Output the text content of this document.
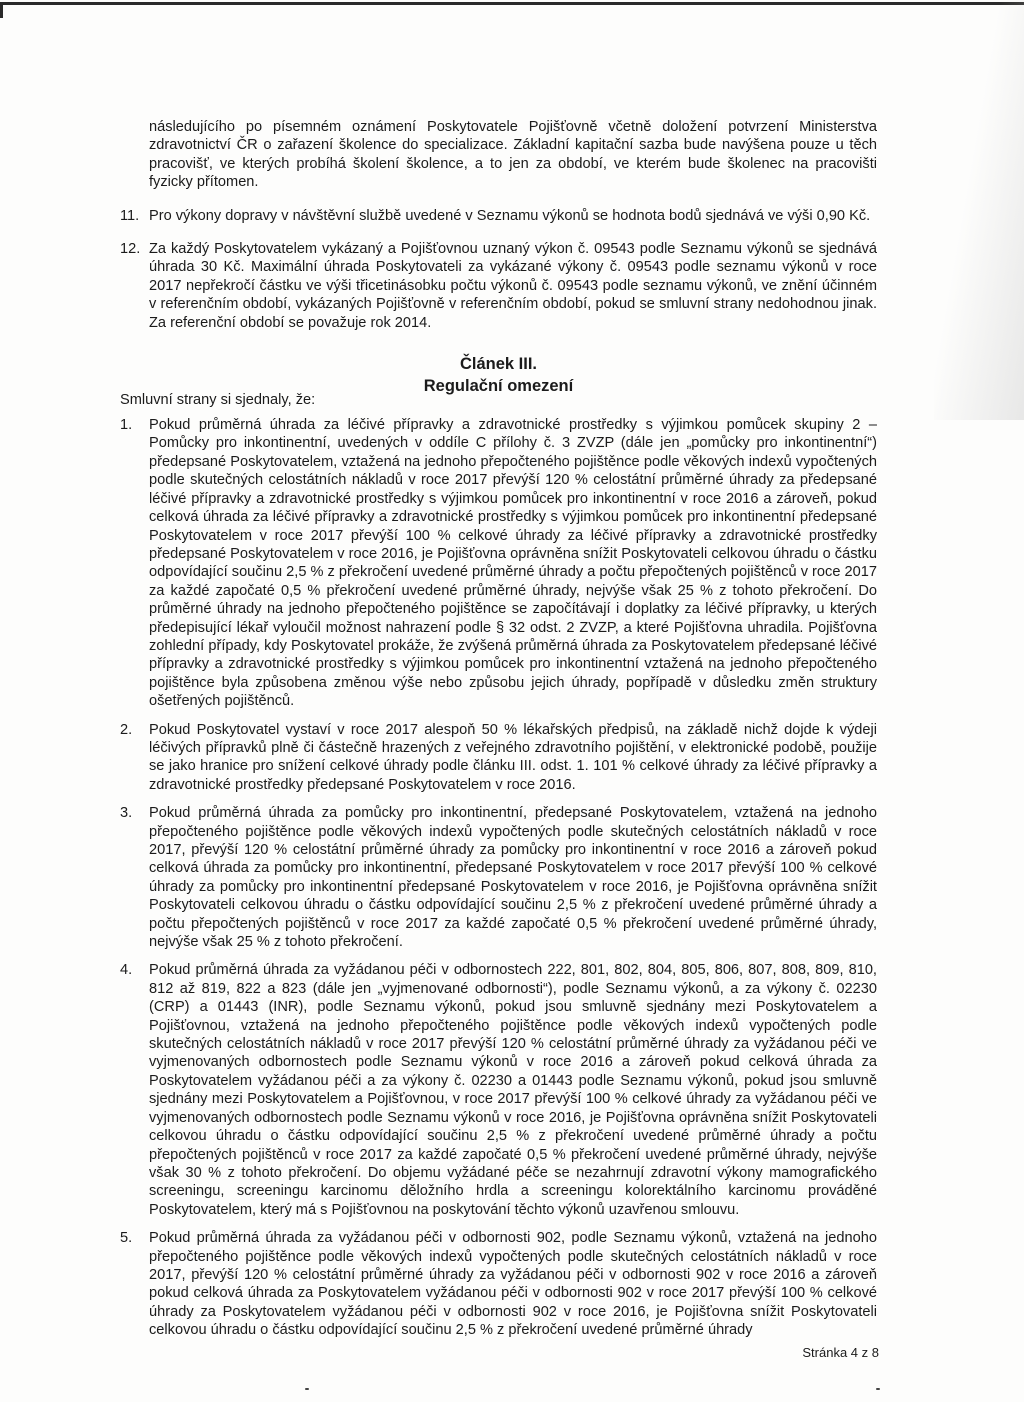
následujícího po písemném oznámení Poskytovatele Pojišťovně včetně doložení potvrzení Ministerstva zdravotnictví ČR o zařazení školence do specializace. Základní kapitační sazba bude navýšena pouze u těch pracovišť, ve kterých probíhá školení školence, a to jen za období, ve kterém bude školenec na pracovišti fyzicky přítomen.

11. Pro výkony dopravy v návštěvní službě uvedené v Seznamu výkonů se hodnota bodů sjednává ve výši 0,90 Kč.
12. Za každý Poskytovatelem vykázaný a Pojišťovnou uznaný výkon č. 09543 podle Seznamu výkonů se sjednává úhrada 30 Kč. Maximální úhrada Poskytovateli za vykázané výkony č. 09543 podle seznamu výkonů v roce 2017 nepřekročí částku ve výši třicetinásobku počtu výkonů č. 09543 podle seznamu výkonů, ve znění účinném v referenčním období, vykázaných Pojišťovně v referenčním období, pokud se smluvní strany nedohodnou jinak. Za referenční období se považuje rok 2014.
Článek III.
Regulační omezení
Smluvní strany si sjednaly, že:
1.	Pokud průměrná úhrada za léčivé přípravky a zdravotnické prostředky s výjimkou pomůcek skupiny 2 – Pomůcky pro inkontinentní, uvedených v oddíle C přílohy č. 3 ZVZP (dále jen „pomůcky pro inkontinentní“) předepsané Poskytovatelem, vztažená na jednoho přepočteného pojištěnce podle věkových indexů vypočtených podle skutečných celostátních nákladů v roce 2017 převýší 120 % celostátní průměrné úhrady za předepsané léčivé přípravky a zdravotnické prostředky s výjimkou pomůcek pro inkontinentní v roce 2016 a zároveň, pokud celková úhrada za léčivé přípravky a zdravotnické prostředky s výjimkou pomůcek pro inkontinentní předepsané Poskytovatelem v roce 2017 převýší 100 % celkové úhrady za léčivé přípravky a zdravotnické prostředky předepsané Poskytovatelem v roce 2016, je Pojišťovna oprávněna snížit Poskytovateli celkovou úhradu o částku odpovídající součinu 2,5 % z překročení uvedené průměrné úhrady a počtu přepočtených pojištěnců v roce 2017 za každé započaté 0,5 % překročení uvedené průměrné úhrady, nejvýše však 25 % z tohoto překročení. Do průměrné úhrady na jednoho přepočteného pojištěnce se započítávají i doplatky za léčivé přípravky, u kterých předepisující lékař vyloučil možnost nahrazení podle § 32 odst. 2 ZVZP, a které Pojišťovna uhradila. Pojišťovna zohlední případy, kdy Poskytovatel prokáže, že zvýšená průměrná úhrada za Poskytovatelem předepsané léčivé přípravky a zdravotnické prostředky s výjimkou pomůcek pro inkontinentní vztažená na jednoho přepočteného pojištěnce byla způsobena změnou výše nebo způsobu jejich úhrady, popřípadě v důsledku změn struktury ošetřených pojištěnců.
2.	Pokud Poskytovatel vystaví v roce 2017 alespoň 50 % lékařských předpisů, na základě nichž dojde k výdeji léčivých přípravků plně či částečně hrazených z veřejného zdravotního pojištění, v elektronické podobě, použije se jako hranice pro snížení celkové úhrady podle článku III. odst. 1. 101 % celkové úhrady za léčivé přípravky a zdravotnické prostředky předepsané Poskytovatelem v roce 2016.
3.	Pokud průměrná úhrada za pomůcky pro inkontinentní, předepsané Poskytovatelem, vztažená na jednoho přepočteného pojištěnce podle věkových indexů vypočtených podle skutečných celostátních nákladů v roce 2017, převýší 120 % celostátní průměrné úhrady za pomůcky pro inkontinentní v roce 2016 a zároveň pokud celková úhrada za pomůcky pro inkontinentní, předepsané Poskytovatelem v roce 2017 převýší 100 % celkové úhrady za pomůcky pro inkontinentní předepsané Poskytovatelem v roce 2016, je Pojišťovna oprávněna snížit Poskytovateli celkovou úhradu o částku odpovídající součinu 2,5 % z překročení uvedené průměrné úhrady a počtu přepočtených pojištěnců v roce 2017 za každé započaté 0,5 % překročení uvedené průměrné úhrady, nejvýše však 25 % z tohoto překročení.
4.	Pokud průměrná úhrada za vyžádanou péči v odbornostech 222, 801, 802, 804, 805, 806, 807, 808, 809, 810, 812 až 819, 822 a 823 (dále jen „vyjmenované odbornosti“), podle Seznamu výkonů, a za výkony č. 02230 (CRP) a 01443 (INR), podle Seznamu výkonů, pokud jsou smluvně sjednány mezi Poskytovatelem a Pojišťovnou, vztažená na jednoho přepočteného pojištěnce podle věkových indexů vypočtených podle skutečných celostátních nákladů v roce 2017 převýší 120 % celostátní průměrné úhrady za vyžádanou péči ve vyjmenovaných odbornostech podle Seznamu výkonů v roce 2016 a zároveň pokud celková úhrada za Poskytovatelem vyžádanou péči a za výkony č. 02230 a 01443 podle Seznamu výkonů, pokud jsou smluvně sjednány mezi Poskytovatelem a Pojišťovnou, v roce 2017 převýší 100 % celkové úhrady za vyžádanou péči ve vyjmenovaných odbornostech podle Seznamu výkonů v roce 2016, je Pojišťovna oprávněna snížit Poskytovateli celkovou úhradu o částku odpovídající součinu 2,5 % z překročení uvedené průměrné úhrady a počtu přepočtených pojištěnců v roce 2017 za každé započaté 0,5 % překročení uvedené průměrné úhrady, nejvýše však 30 % z tohoto překročení. Do objemu vyžádané péče se nezahrnují zdravotní výkony mamografického screeningu, screeningu karcinomu děložního hrdla a screeningu kolorektálního karcinomu prováděné Poskytovatelem, který má s Pojišťovnou na poskytování těchto výkonů uzavřenou smlouvu.
5.	Pokud průměrná úhrada za vyžádanou péči v odbornosti 902, podle Seznamu výkonů, vztažená na jednoho přepočteného pojištěnce podle věkových indexů vypočtených podle skutečných celostátních nákladů v roce 2017, převýší 120 % celostátní průměrné úhrady za vyžádanou péči v odbornosti 902 v roce 2016 a zároveň pokud celková úhrada za Poskytovatelem vyžádanou péči v odbornosti 902 v roce 2017 převýší 100 % celkové úhrady za Poskytovatelem vyžádanou péči v odbornosti 902 v roce 2016, je Pojišťovna snížit Poskytovateli celkovou úhradu o částku odpovídající součinu 2,5 % z překročení uvedené průměrné úhrady
Stránka 4 z 8
